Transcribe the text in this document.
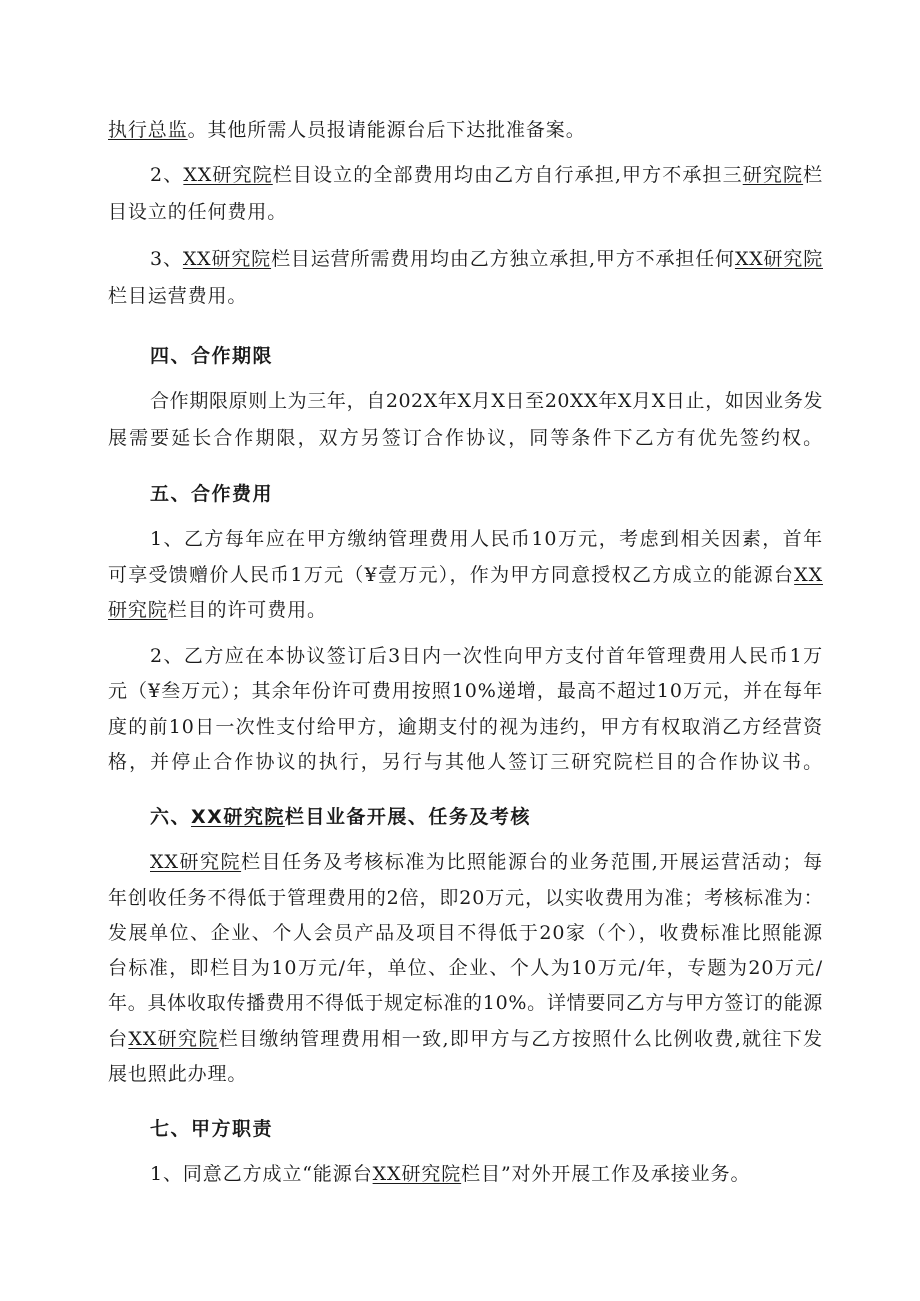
执行总监。其他所需人员报请能源台后下达批准备案。
2、XX研究院栏目设立的全部费用均由乙方自行承担,甲方不承担三研究院栏
目设立的任何费用。
3、XX研究院栏目运营所需费用均由乙方独立承担,甲方不承担任何XX研究院
栏目运营费用。
四、合作期限
合作期限原则上为三年，自202X年X月X日至20XX年X月X日止，如因业务发
展需要延长合作期限，双方另签订合作协议，同等条件下乙方有优先签约权。
五、合作费用
1、乙方每年应在甲方缴纳管理费用人民币10万元，考虑到相关因素，首年
可享受馈赠价人民币1万元（¥壹万元），作为甲方同意授权乙方成立的能源台XX
研究院栏目的许可费用。
2、乙方应在本协议签订后3日内一次性向甲方支付首年管理费用人民币1万
元（¥叁万元）；其余年份许可费用按照10%递增，最高不超过10万元，并在每年
度的前10日一次性支付给甲方，逾期支付的视为违约，甲方有权取消乙方经营资
格，并停止合作协议的执行，另行与其他人签订三研究院栏目的合作协议书。
六、XX研究院栏目业备开展、任务及考核
XX研究院栏目任务及考核标准为比照能源台的业务范围,开展运营活动；每
年创收任务不得低于管理费用的2倍，即20万元，以实收费用为准；考核标准为：
发展单位、企业、个人会员产品及项目不得低于20家（个），收费标准比照能源
台标准，即栏目为10万元/年，单位、企业、个人为10万元/年，专题为20万元/
年。具体收取传播费用不得低于规定标准的10%。详情要同乙方与甲方签订的能源
台XX研究院栏目缴纳管理费用相一致,即甲方与乙方按照什么比例收费,就往下发
展也照此办理。
七、甲方职责
1、同意乙方成立“能源台XX研究院栏目”对外开展工作及承接业务。
